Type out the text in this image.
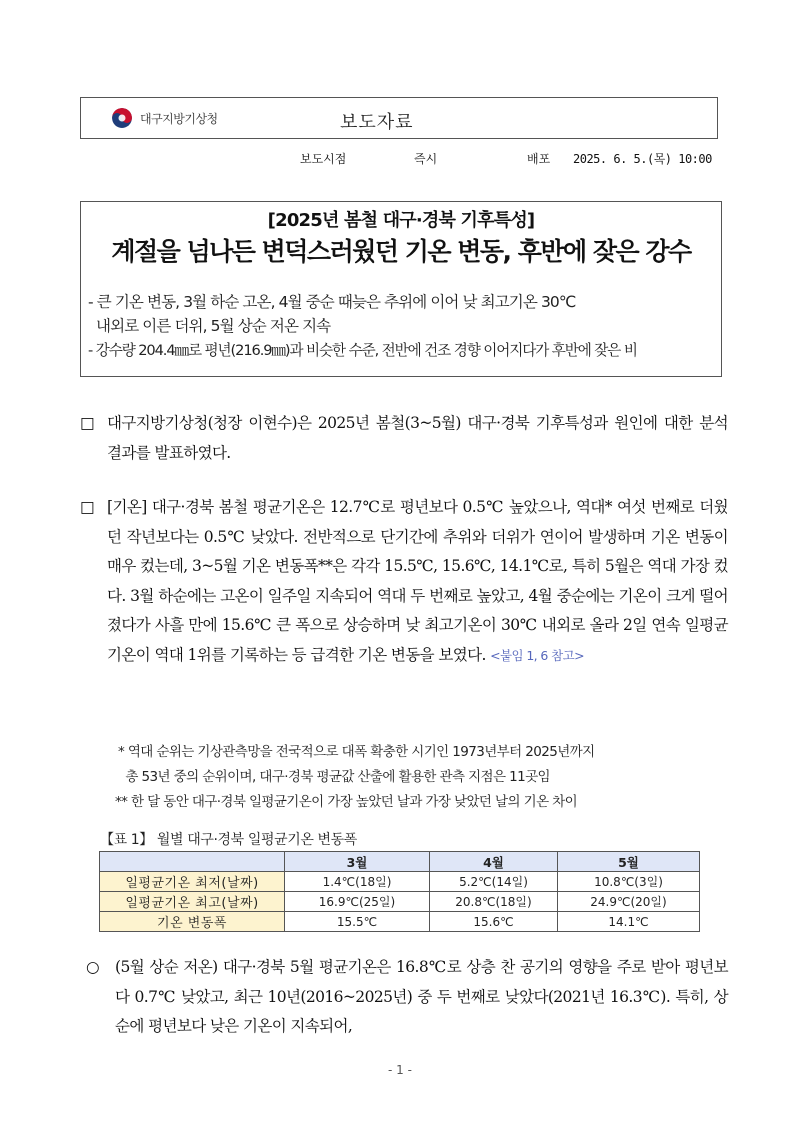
대구지방기상청	보도자료
보도시점	즉시	배포 2025. 6. 5.(목) 10:00
[2025년 봄철 대구·경북 기후특성]
계절을 넘나든 변덕스러웠던 기온 변동, 후반에 잦은 강수
- 큰 기온 변동, 3월 하순 고온, 4월 중순 때늦은 추위에 이어 낮 최고기온 30℃
내외로 이른 더위, 5월 상순 저온 지속
- 강수량 204.4㎜로 평년(216.9㎜)과 비슷한 수준, 전반에 건조 경향 이어지다가 후반에 잦은 비
□ 대구지방기상청(청장 이현수)은 2025년 봄철(3~5월) 대구·경북 기후특성과 원인에 대한 분석 결과를 발표하였다.
□ [기온] 대구·경북 봄철 평균기온은 12.7℃로 평년보다 0.5℃ 높았으나, 역대* 여섯 번째로 더웠던 작년보다는 0.5℃ 낮았다. 전반적으로 단기간에 추위와 더위가 연이어 발생하며 기온 변동이 매우 컸는데, 3~5월 기온 변동폭**은 각각 15.5℃, 15.6℃, 14.1℃로, 특히 5월은 역대 가장 컸다. 3월 하순에는 고온이 일주일 지속되어 역대 두 번째로 높았고, 4월 중순에는 기온이 크게 떨어졌다가 사흘 만에 15.6℃ 큰 폭으로 상승하며 낮 최고기온이 30℃ 내외로 올라 2일 연속 일평균기온이 역대 1위를 기록하는 등 급격한 기온 변동을 보였다. <붙임 1, 6 참고>
* 역대 순위는 기상관측망을 전국적으로 대폭 확충한 시기인 1973년부터 2025년까지
총 53년 중의 순위이며, 대구·경북 평균값 산출에 활용한 관측 지점은 11곳임
** 한 달 동안 대구·경북 일평균기온이 가장 높았던 날과 가장 낮았던 날의 기온 차이
【표 1】 월별 대구·경북 일평균기온 변동폭
	3월	4월	5월
일평균기온 최저(날짜)	1.4℃(18일)	5.2℃(14일)	10.8℃(3일)
일평균기온 최고(날짜)	16.9℃(25일)	20.8℃(18일)	24.9℃(20일)
기온 변동폭	15.5℃	15.6℃	14.1℃
○ (5월 상순 저온) 대구·경북 5월 평균기온은 16.8℃로 상층 찬 공기의 영향을 주로 받아 평년보다 0.7℃ 낮았고, 최근 10년(2016~2025년) 중 두 번째로 낮았다(2021년 16.3℃). 특히, 상순에 평년보다 낮은 기온이 지속되어,
- 1 -
